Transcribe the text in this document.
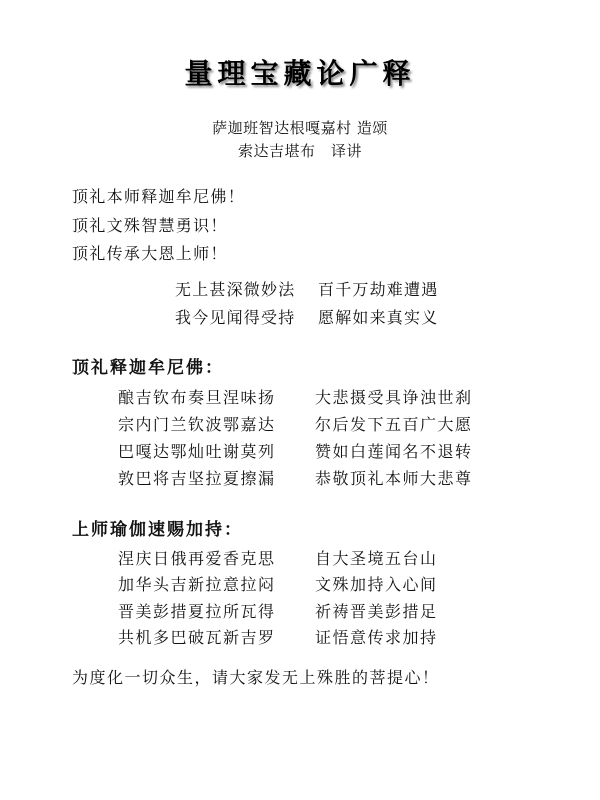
量理宝藏论广释
萨迦班智达根嘎嘉村 造颂
索达吉堪布　译讲
顶礼本师释迦牟尼佛！
顶礼文殊智慧勇识！
顶礼传承大恩上师！
无上甚深微妙法	百千万劫难遭遇
我今见闻得受持	愿解如来真实义
顶礼释迦牟尼佛：
酿吉钦布奏旦涅味扬	大悲摄受具诤浊世刹
宗内门兰钦波鄂嘉达	尔后发下五百广大愿
巴嘎达鄂灿吐谢莫列	赞如白莲闻名不退转
敦巴将吉坚拉夏擦漏	恭敬顶礼本师大悲尊
上师瑜伽速赐加持：
涅庆日俄再爱香克思	自大圣境五台山
加华头吉新拉意拉闷	文殊加持入心间
晋美彭措夏拉所瓦得	祈祷晋美彭措足
共机多巴破瓦新吉罗	证悟意传求加持
为度化一切众生，请大家发无上殊胜的菩提心！
